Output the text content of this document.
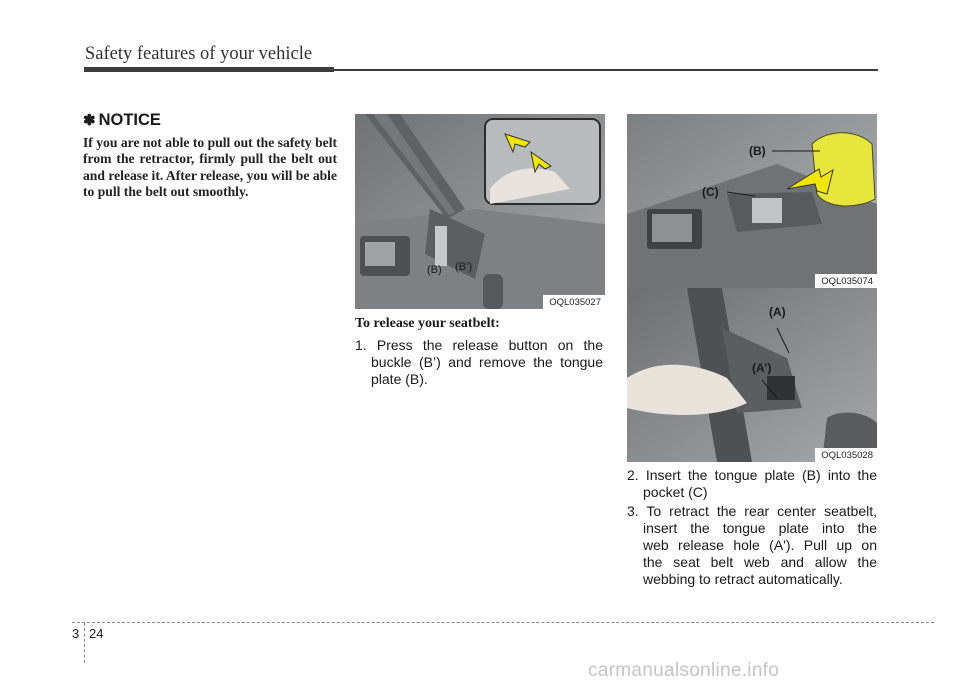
Safety features of your vehicle
✽ NOTICE
If you are not able to pull out the safety belt from the retractor, firmly pull the belt out and release it. After release, you will be able to pull the belt out smoothly.
(B) (B’)
OQL035027
To release your seatbelt:
1. Press the release button on the
buckle (B’) and remove the tongue
plate (B).
(B)
(C)
OQL035074
(A)
(A’)
OQL035028
2. Insert the tongue plate (B) into the
pocket (C)
3. To retract the rear center seatbelt,
insert the tongue plate into the
web release hole (A'). Pull up on
the seat belt web and allow the
webbing to retract automatically.
3 24
carmanualsonline.info
